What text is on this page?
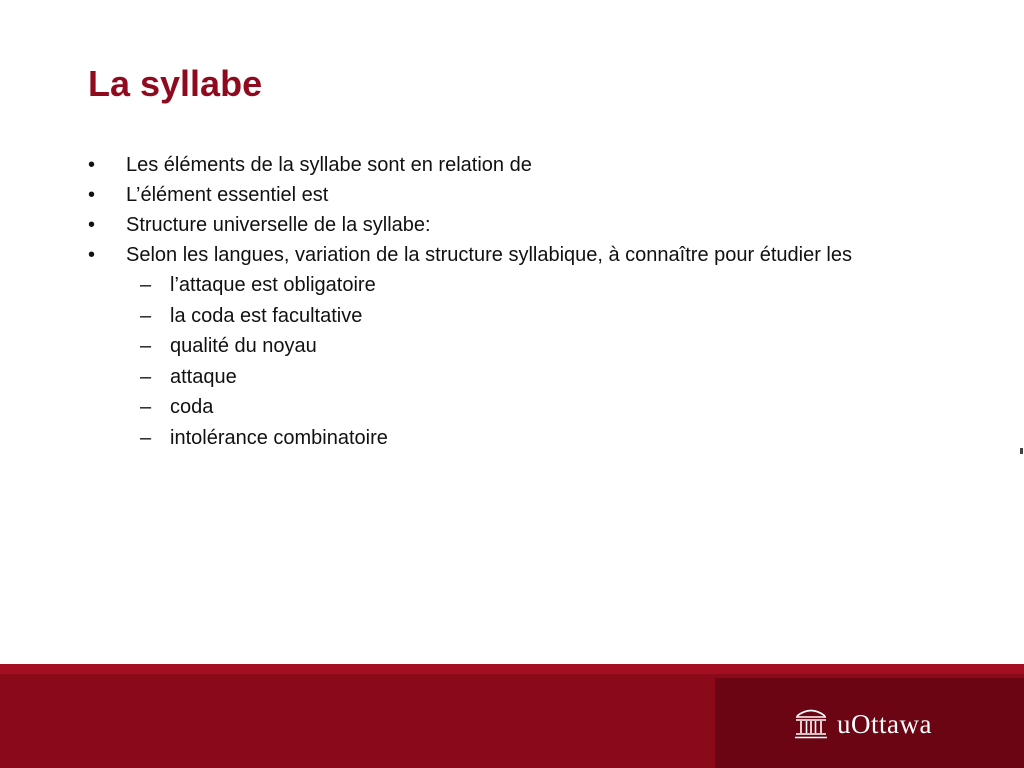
La syllabe
• Les éléments de la syllabe sont en relation de
• L’élément essentiel est
• Structure universelle de la syllabe:
• Selon les langues, variation de la structure syllabique, à connaître pour étudier les
– l’attaque est obligatoire
– la coda est facultative
– qualité du noyau
– attaque
– coda
– intolérance combinatoire
uOttawa
